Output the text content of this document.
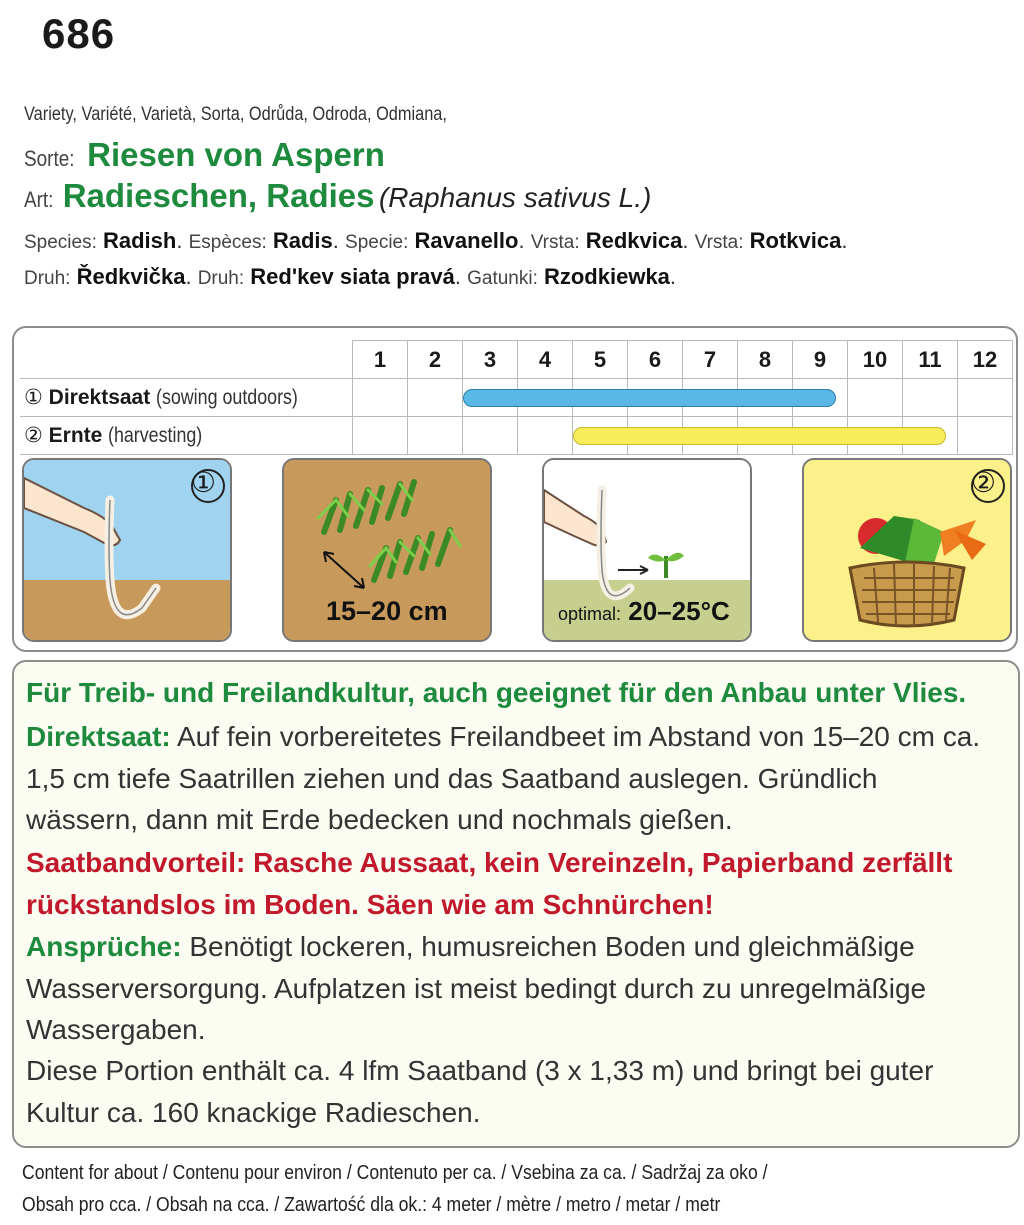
686
Variety, Variété, Varietà, Sorta, Odrůda, Odroda, Odmiana,
Sorte: Riesen von Aspern
Art: Radieschen, Radies (Raphanus sativus L.)
Species: Radish. Espèces: Radis. Specie: Ravanello. Vrsta: Redkvica. Vrsta: Rotkvica.
Druh: Ředkvička. Druh: Red'kev siata pravá. Gatunki: Rzodkiewka.
	1	2	3	4	5	6	7	8	9	10	11	12

① Direktsaat (sowing outdoors)												

② Ernte (harvesting)												

①
15–20 cm	optimal: 20–25°C
②
Für Treib- und Freilandkultur, auch geeignet für den Anbau unter Vlies.
Direktsaat: Auf fein vorbereitetes Freilandbeet im Abstand von 15–20 cm ca. 1,5 cm tiefe Saatrillen ziehen und das Saatband auslegen. Gründlich wässern, dann mit Erde bedecken und nochmals gießen.
Saatbandvorteil: Rasche Aussaat, kein Vereinzeln, Papierband zerfällt rückstandslos im Boden. Säen wie am Schnürchen!
Ansprüche: Benötigt lockeren, humusreichen Boden und gleichmäßige Wasserversorgung. Aufplatzen ist meist bedingt durch zu unregelmäßige Wassergaben.
Diese Portion enthält ca. 4 lfm Saatband (3 x 1,33 m) und bringt bei guter Kultur ca. 160 knackige Radieschen.
Content for about / Contenu pour environ / Contenuto per ca. / Vsebina za ca. / Sadržaj za oko /
Obsah pro cca. / Obsah na cca. / Zawartość dla ok.: 4 meter / mètre / metro / metar / metr
